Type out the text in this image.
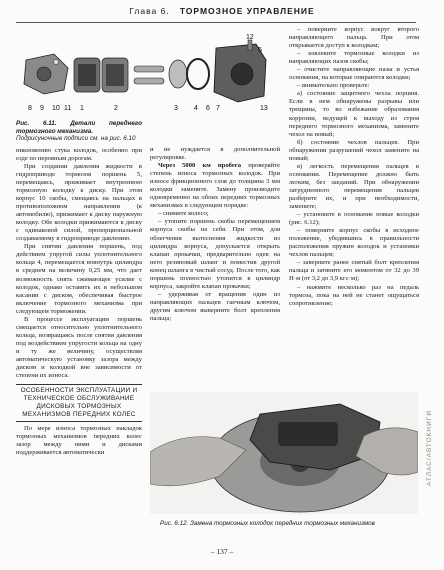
Глава 6. ТОРМОЗНОЕ УПРАВЛЕНИЕ
12
5
1	2	3 4 6 7
8 9 10 11	13
Рис. 6.11. Детали переднего тормозного механизма.
Подрисуночные подписи см. на рис. 6.10

никновению стука колодок, особенно при езде по неровным дорогам.

При создании давления жидкости в гидроприводе тормозов поршень 5, перемещаясь, прижимает внутреннюю тормозную колодку к диску. При этом корпус 10 скобы, смещаясь на пальцах в противоположном направлении (к автомобилю), прижимает к диску наружную колодку. Обе колодки прижимаются к диску с одинаковой силой, пропорциональной создаваемому в гидроприводе давлению.

При снятии давления поршень, под действием упругой силы уплотнительного кольца 4, перемещается вовнутрь цилиндра в среднем на величину 0,25 мм, что дает возможность снять сжимающее усилие с колодок, однако оставить их в небольшом касании с диском, обеспечивая быстрое включение тормозного механизма при следующем торможении.

В процессе эксплуатации поршень смещается относительно уплотнительного кольца, возвращаясь после снятия давления под воздействием упругости кольца на одну и ту же величину, осуществляя автоматическую установку зазора между диском и колодкой вне зависимости от степени их износа.

ОСОБЕННОСТИ ЭКСПЛУАТАЦИИ И ТЕХНИЧЕСКОЕ ОБСЛУЖИВАНИЕ ДИСКОВЫХ ТОРМОЗНЫХ МЕХАНИЗМОВ ПЕРЕДНИХ КОЛЕС

По мере износа тормозных накладок тормозных механизмов передних колес зазор между ними и дисками поддерживается автоматически

и не нуждается в дополнительной регулировке.

Через 5000 км пробега проверяйте степень износа тормозных колодок. При износе фрикционного слоя до толщины 3 мм колодки замените. Замену производите одновременно на обоих передних тормозных механизмах в следующем порядке:

– снимите колесо;

– утопите поршень скобы перемещением корпуса скобы на себя. При этом, для облегчения вытеснения жидкости из цилиндра корпуса, допускается открыть клапан прокачки, предварительно одев на него резиновый шланг и поместив другой конец шланга в чистый сосуд. После того, как поршень полностью утопится в цилиндр корпуса, закройте клапан прокачки;

– удерживая от вращения один из направляющих пальцев гаечным ключом, другим ключом выверните болт крепления пальца;

– поверните корпус вокруг второго направляющего пальца. При этом открывается доступ к колодкам;

– извлеките тормозные колодки из направляющих пазов скобы;

– очистите направляющие пазы и устья основания, на которые опираются колодки;

– внимательно проверьте:

а) состояние защитного чехла поршня. Если в нем обнаружены разрывы или трещины, то во избежание образования коррозии, ведущей к выходу из строя переднего тормозного механизма, замените чехол на новый;

б) состояние чехлов пальцев. При обнаружении разрушений чехол замените на новый;

в) легкость перемещения пальцев в основании. Перемещение должно быть легким, без заеданий. При обнаружении затрудненного перемещения пальцев разберите их, и при необходимости, замените;

– установите в основание новые колодки (рис. 6.12);

– поверните корпус скобы в исходное положение, убедившись в правильности расположения пружин колодок и установки чехлов пальцев;

– заверните ранее снятый болт крепления пальца и затяните его моментом от 32 до 39 Н·м (от 3,2 до 3,9 кгс·м);

– нажмите несколько раз на педаль тормоза, пока на ней не станет ощущаться сопротивление;

Рис. 6.12. Замена тормозных колодок передних тормозных механизмов
– 137 –
АТЛАС/АВТОКНИГИ
